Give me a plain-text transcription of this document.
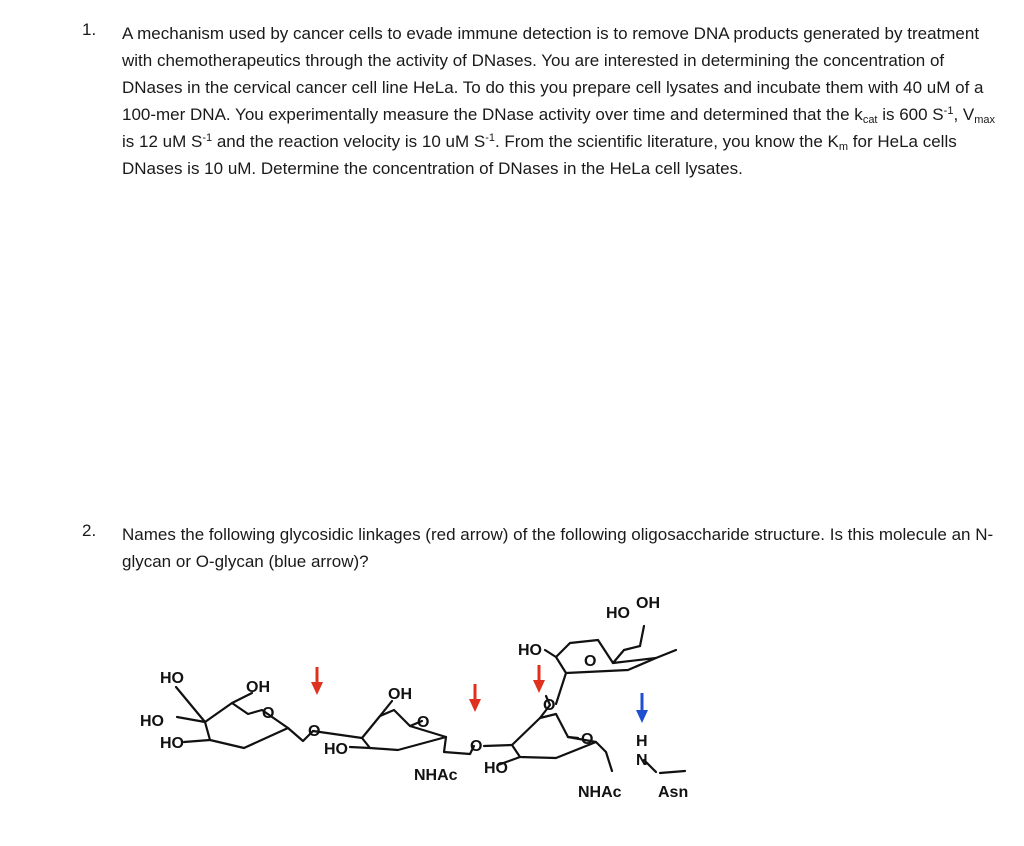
1. A mechanism used by cancer cells to evade immune detection is to remove DNA products generated by treatment with chemotherapeutics through the activity of DNases. You are interested in determining the concentration of DNases in the cervical cancer cell line HeLa. To do this you prepare cell lysates and incubate them with 40 uM of a 100-mer DNA. You experimentally measure the DNase activity over time and determined that the $k_{cat}$ is 600 $S^{-1}$, $V_{max}$ is 12 uM $S^{-1}$ and the reaction velocity is 10 uM $S^{-1}$. From the scientific literature, you know the $K_m$ for HeLa cells DNases is 10 uM. Determine the concentration of DNases in the HeLa cell lysates.
2. Names the following glycosidic linkages (red arrow) of the following oligosaccharide structure. Is this molecule an N-glycan or O-glycan (blue arrow)?
HO
OH
HO
HO
O
O
OH
O
HO
NHAc
O
HO
O
HO
O
HO
OH
O
NHAc
H
N
Asn
